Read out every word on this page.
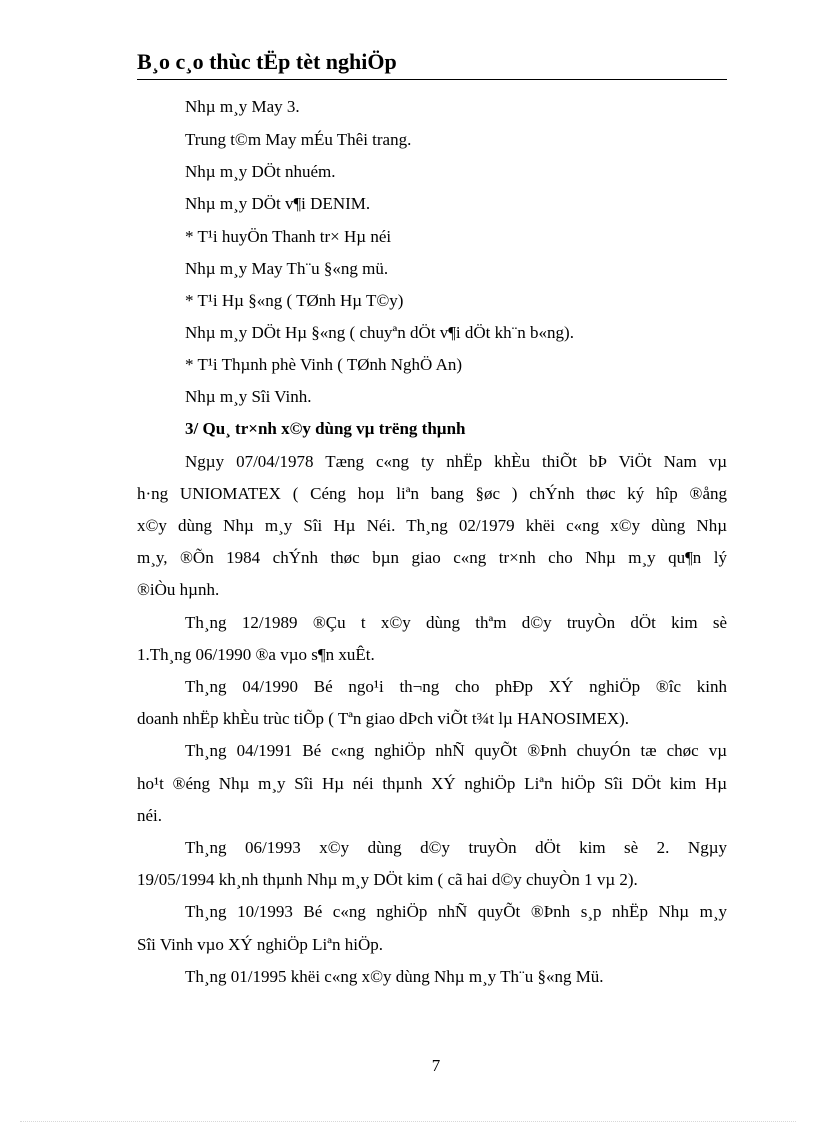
B¸o c¸o thùc tËp tèt nghiÖp
Nhµ m¸y May 3.
Trung t©m May mÉu Thêi trang.
Nhµ m¸y DÖt nhuém.
Nhµ m¸y DÖt v¶i DENIM.
* T¹i huyÖn Thanh tr× Hµ néi
Nhµ m¸y May Th¨u §«ng mü.
* T¹i Hµ §«ng ( TØnh Hµ T©y)
Nhµ m¸y DÖt Hµ §«ng ( chuyªn dÖt v¶i dÖt kh¨n b«ng).
* T¹i Thµnh phè Vinh ( TØnh NghÖ An)
Nhµ m¸y Sîi Vinh.
3/ Qu¸ tr×nh x©y dùng vµ trëng thµnh
Ngµy 07/04/1978 Tæng c«ng ty nhËp khÈu thiÕt bÞ ViÖt Nam vµ
h·ng UNIOMATEX ( Céng hoµ liªn bang §øc ) chÝnh thøc ký hîp ®ång
x©y dùng Nhµ m¸y Sîi Hµ Néi. Th¸ng 02/1979 khëi c«ng x©y dùng Nhµ
m¸y, ®Õn 1984 chÝnh thøc bµn giao c«ng tr×nh cho Nhµ m¸y qu¶n lý
®iÒu hµnh.
Th¸ng 12/1989 ®Çu t x©y dùng thªm d©y truyÒn dÖt kim sè
1.Th¸ng 06/1990 ®a vµo s¶n xuÊt.
Th¸ng 04/1990 Bé ngo¹i th¬ng cho phÐp XÝ nghiÖp ®îc kinh
doanh nhËp khÈu trùc tiÕp ( Tªn giao dÞch viÕt t¾t lµ HANOSIMEX).
Th¸ng 04/1991 Bé c«ng nghiÖp nhÑ quyÕt ®Þnh chuyÓn tæ chøc vµ
ho¹t ®éng Nhµ m¸y Sîi Hµ néi thµnh XÝ nghiÖp Liªn hiÖp Sîi DÖt kim Hµ
néi.
Th¸ng 06/1993 x©y dùng d©y truyÒn dÖt kim sè 2. Ngµy
19/05/1994 kh¸nh thµnh Nhµ m¸y DÖt kim ( cã hai d©y chuyÒn 1 vµ 2).
Th¸ng 10/1993 Bé c«ng nghiÖp nhÑ quyÕt ®Þnh s¸p nhËp Nhµ m¸y
Sîi Vinh vµo XÝ nghiÖp Liªn hiÖp.
Th¸ng 01/1995 khëi c«ng x©y dùng Nhµ m¸y Th¨u §«ng Mü.
7
